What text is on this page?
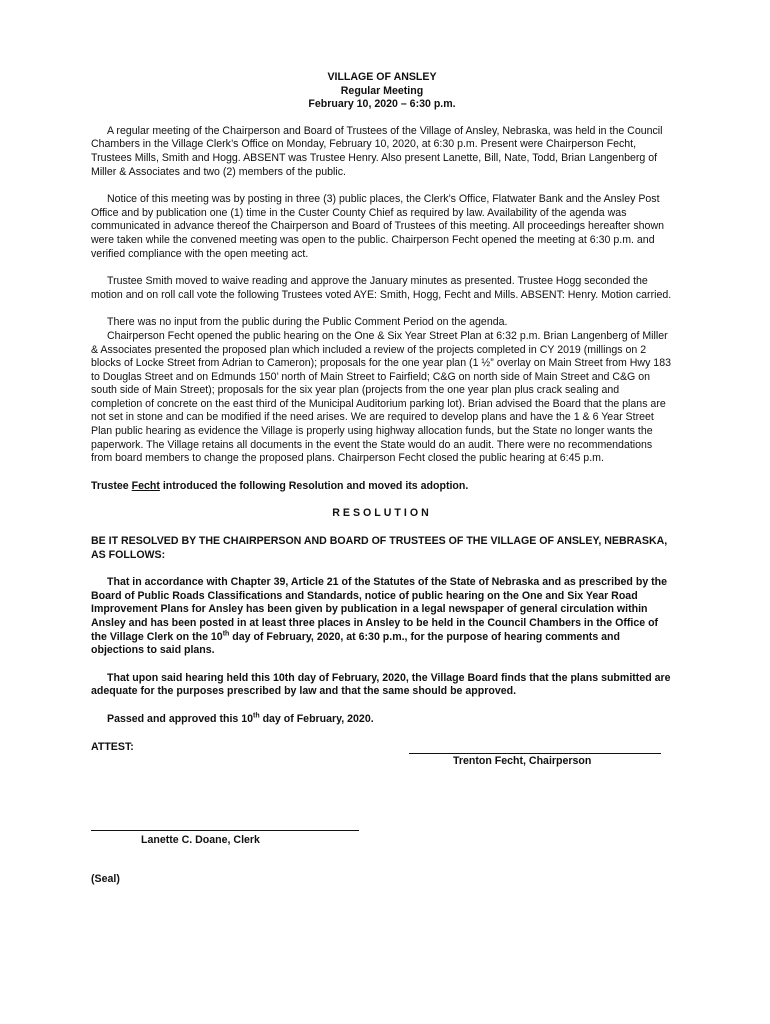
VILLAGE OF ANSLEY

Regular Meeting

February 10, 2020 – 6:30 p.m.

A regular meeting of the Chairperson and Board of Trustees of the Village of Ansley, Nebraska, was held in the Council Chambers in the Village Clerk’s Office on Monday, February 10, 2020, at 6:30 p.m. Present were Chairperson Fecht, Trustees Mills, Smith and Hogg. ABSENT was Trustee Henry. Also present Lanette, Bill, Nate, Todd, Brian Langenberg of Miller & Associates and two (2) members of the public.

Notice of this meeting was by posting in three (3) public places, the Clerk’s Office, Flatwater Bank and the Ansley Post Office and by publication one (1) time in the Custer County Chief as required by law. Availability of the agenda was communicated in advance thereof the Chairperson and Board of Trustees of this meeting. All proceedings hereafter shown were taken while the convened meeting was open to the public. Chairperson Fecht opened the meeting at 6:30 p.m. and verified compliance with the open meeting act.

Trustee Smith moved to waive reading and approve the January minutes as presented. Trustee Hogg seconded the motion and on roll call vote the following Trustees voted AYE: Smith, Hogg, Fecht and Mills. ABSENT: Henry. Motion carried.

There was no input from the public during the Public Comment Period on the agenda.

Chairperson Fecht opened the public hearing on the One & Six Year Street Plan at 6:32 p.m. Brian Langenberg of Miller & Associates presented the proposed plan which included a review of the projects completed in CY 2019 (millings on 2 blocks of Locke Street from Adrian to Cameron); proposals for the one year plan (1 ½” overlay on Main Street from Hwy 183 to Douglas Street and on Edmunds 150’ north of Main Street to Fairfield; C&G on north side of Main Street and C&G on south side of Main Street); proposals for the six year plan (projects from the one year plan plus crack sealing and completion of concrete on the east third of the Municipal Auditorium parking lot). Brian advised the Board that the plans are not set in stone and can be modified if the need arises. We are required to develop plans and have the 1 & 6 Year Street Plan public hearing as evidence the Village is properly using highway allocation funds, but the State no longer wants the paperwork. The Village retains all documents in the event the State would do an audit. There were no recommendations from board members to change the proposed plans. Chairperson Fecht closed the public hearing at 6:45 p.m.

Trustee Fecht introduced the following Resolution and moved its adoption.

RESOLUTION

BE IT RESOLVED BY THE CHAIRPERSON AND BOARD OF TRUSTEES OF THE VILLAGE OF ANSLEY, NEBRASKA, AS FOLLOWS:

That in accordance with Chapter 39, Article 21 of the Statutes of the State of Nebraska and as prescribed by the Board of Public Roads Classifications and Standards, notice of public hearing on the One and Six Year Road Improvement Plans for Ansley has been given by publication in a legal newspaper of general circulation within Ansley and has been posted in at least three places in Ansley to be held in the Council Chambers in the Office of the Village Clerk on the 10th day of February, 2020, at 6:30 p.m., for the purpose of hearing comments and objections to said plans.

That upon said hearing held this 10th day of February, 2020, the Village Board finds that the plans submitted are adequate for the purposes prescribed by law and that the same should be approved.

Passed and approved this 10th day of February, 2020.

ATTEST:
Trenton Fecht, Chairperson
Lanette C. Doane, Clerk

(Seal)
